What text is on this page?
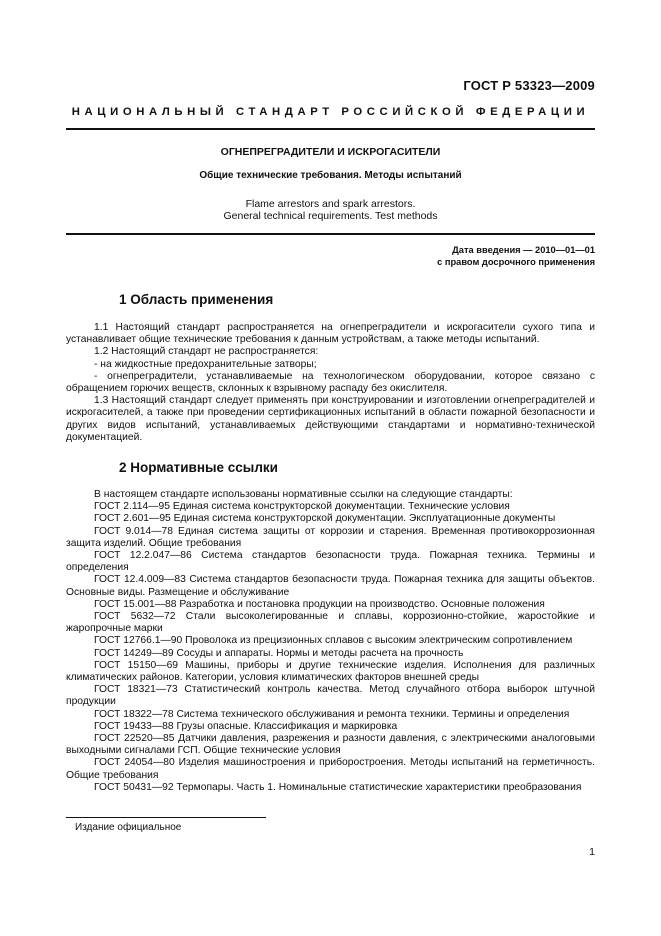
ГОСТ Р 53323—2009
НАЦИОНАЛЬНЫЙ СТАНДАРТ РОССИЙСКОЙ ФЕДЕРАЦИИ
ОГНЕПРЕГРАДИТЕЛИ И ИСКРОГАСИТЕЛИ
Общие технические требования. Методы испытаний
Flame arrestors and spark arrestors.
General technical requirements. Test methods
Дата введения — 2010—01—01
с правом досрочного применения
1 Область применения

1.1 Настоящий стандарт распространяется на огнепреградители и искрогасители сухого типа и устанавливает общие технические требования к данным устройствам, а также методы испытаний.

1.2 Настоящий стандарт не распространяется:

- на жидкостные предохранительные затворы;

- огнепреградители, устанавливаемые на технологическом оборудовании, которое связано с обращением горючих веществ, склонных к взрывному распаду без окислителя.

1.3 Настоящий стандарт следует применять при конструировании и изготовлении огнепреградителей и искрогасителей, а также при проведении сертификационных испытаний в области пожарной безопасности и других видов испытаний, устанавливаемых действующими стандартами и нормативно-технической документацией.

2 Нормативные ссылки

В настоящем стандарте использованы нормативные ссылки на следующие стандарты:

ГОСТ 2.114—95 Единая система конструкторской документации. Технические условия

ГОСТ 2.601—95 Единая система конструкторской документации. Эксплуатационные документы

ГОСТ 9.014—78 Единая система защиты от коррозии и старения. Временная противокоррозионная защита изделий. Общие требования

ГОСТ 12.2.047—86 Система стандартов безопасности труда. Пожарная техника. Термины и определения

ГОСТ 12.4.009—83 Система стандартов безопасности труда. Пожарная техника для защиты объектов. Основные виды. Размещение и обслуживание

ГОСТ 15.001—88 Разработка и постановка продукции на производство. Основные положения

ГОСТ 5632—72 Стали высоколегированные и сплавы, коррозионно-стойкие, жаростойкие и жаропрочные марки

ГОСТ 12766.1—90 Проволока из прецизионных сплавов с высоким электрическим сопротивлением

ГОСТ 14249—89 Сосуды и аппараты. Нормы и методы расчета на прочность

ГОСТ 15150—69 Машины, приборы и другие технические изделия. Исполнения для различных климатических районов. Категории, условия климатических факторов внешней среды

ГОСТ 18321—73 Статистический контроль качества. Метод случайного отбора выборок штучной продукции

ГОСТ 18322—78 Система технического обслуживания и ремонта техники. Термины и определения

ГОСТ 19433—88 Грузы опасные. Классификация и маркировка

ГОСТ 22520—85 Датчики давления, разрежения и разности давления, с электрическими аналоговыми выходными сигналами ГСП. Общие технические условия

ГОСТ 24054—80 Изделия машиностроения и приборостроения. Методы испытаний на герметичность. Общие требования

ГОСТ 50431—92 Термопары. Часть 1. Номинальные статистические характеристики преобразования

Издание официальное
1
